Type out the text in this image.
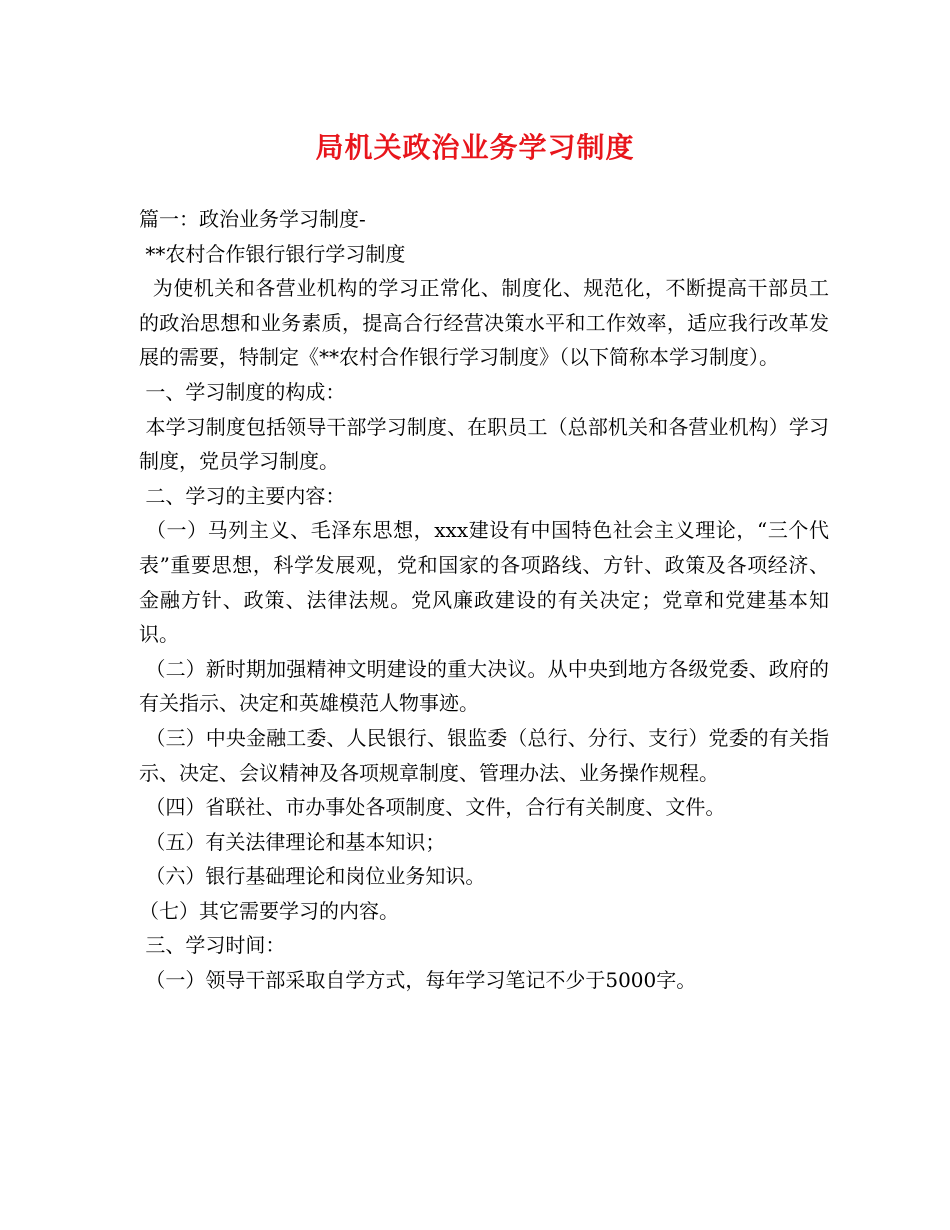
局机关政治业务学习制度

篇一：政治业务学习制度-

**农村合作银行银行学习制度

为使机关和各营业机构的学习正常化、制度化、规范化，不断提高干部员工的政治思想和业务素质，提高合行经营决策水平和工作效率，适应我行改革发展的需要，特制定《**农村合作银行学习制度》（以下简称本学习制度）。

一、学习制度的构成：

本学习制度包括领导干部学习制度、在职员工（总部机关和各营业机构）学习制度，党员学习制度。

二、学习的主要内容：

（一）马列主义、毛泽东思想，xxx建设有中国特色社会主义理论，“三个代表”重要思想，科学发展观，党和国家的各项路线、方针、政策及各项经济、金融方针、政策、法律法规。党风廉政建设的有关决定；党章和党建基本知识。

（二）新时期加强精神文明建设的重大决议。从中央到地方各级党委、政府的有关指示、决定和英雄模范人物事迹。

（三）中央金融工委、人民银行、银监委（总行、分行、支行）党委的有关指示、决定、会议精神及各项规章制度、管理办法、业务操作规程。

（四）省联社、市办事处各项制度、文件，合行有关制度、文件。

（五）有关法律理论和基本知识；

（六）银行基础理论和岗位业务知识。

（七）其它需要学习的内容。

三、学习时间：

（一）领导干部采取自学方式，每年学习笔记不少于5000字。
